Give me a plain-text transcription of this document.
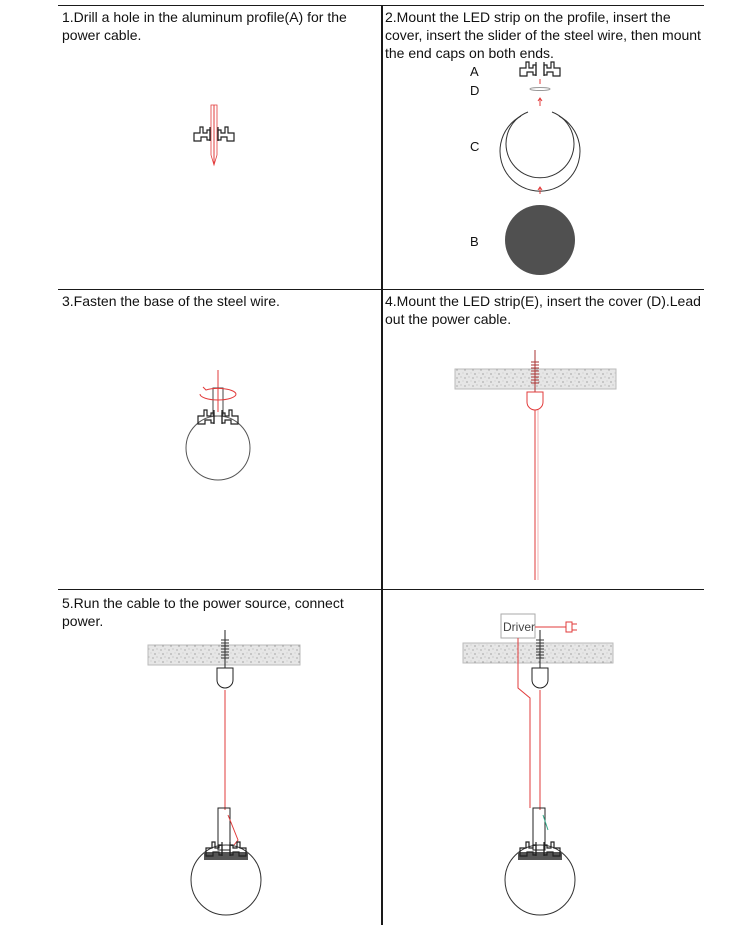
1.Drill a hole in the aluminum profile(A) for the power cable.

2.Mount the LED strip on the profile, insert the cover, insert the slider of the steel wire, then mount the end caps on both ends.

3.Fasten the base of the steel wire.	4.Mount the LED strip(E), insert the cover (D).Lead out the power cable.

5.Run the cable to the power source, connect power.

A
D
C
B
Driver
